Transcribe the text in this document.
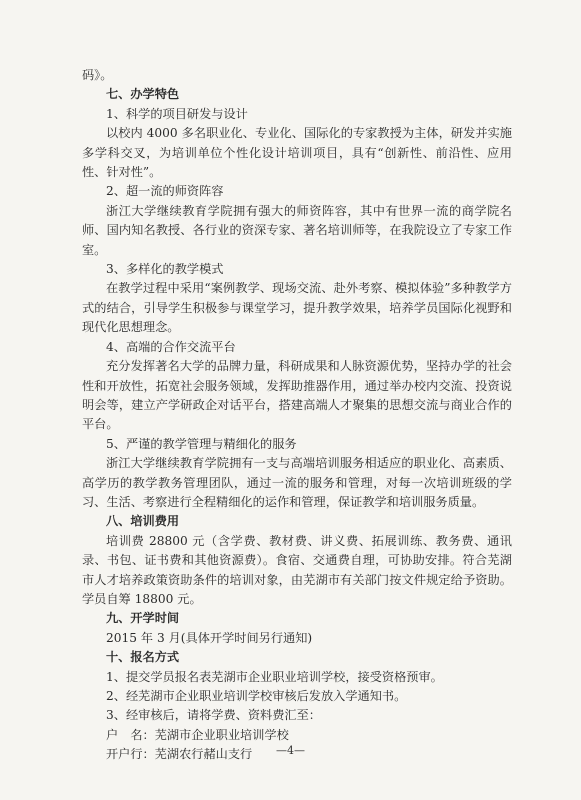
码》。

七、办学特色

1、科学的项目研发与设计

以校内 4000 多名职业化、专业化、国际化的专家教授为主体，研发并实施多学科交叉，为培训单位个性化设计培训项目，具有“创新性、前沿性、应用性、针对性”。

2、超一流的师资阵容

浙江大学继续教育学院拥有强大的师资阵容，其中有世界一流的商学院名师、国内知名教授、各行业的资深专家、著名培训师等，在我院设立了专家工作室。

3、多样化的教学模式

在教学过程中采用“案例教学、现场交流、赴外考察、模拟体验”多种教学方式的结合，引导学生积极参与课堂学习，提升教学效果，培养学员国际化视野和现代化思想理念。

4、高端的合作交流平台

充分发挥著名大学的品牌力量，科研成果和人脉资源优势，坚持办学的社会性和开放性，拓宽社会服务领域，发挥助推器作用，通过举办校内交流、投资说明会等，建立产学研政企对话平台，搭建高端人才聚集的思想交流与商业合作的平台。

5、严谨的教学管理与精细化的服务

浙江大学继续教育学院拥有一支与高端培训服务相适应的职业化、高素质、高学历的教学教务管理团队，通过一流的服务和管理，对每一次培训班级的学习、生活、考察进行全程精细化的运作和管理，保证教学和培训服务质量。

八、培训费用

培训费 28800 元（含学费、教材费、讲义费、拓展训练、教务费、通讯录、书包、证书费和其他资源费）。食宿、交通费自理，可协助安排。符合芜湖市人才培养政策资助条件的培训对象，由芜湖市有关部门按文件规定给予资助。学员自筹 18800 元。

九、开学时间

2015 年 3 月(具体开学时间另行通知)

十、报名方式

1、提交学员报名表芜湖市企业职业培训学校，接受资格预审。

2、经芜湖市企业职业培训学校审核后发放入学通知书。

3、经审核后，请将学费、资料费汇至：

户　名：芜湖市企业职业培训学校

开户行：芜湖农行赭山支行	—4—
